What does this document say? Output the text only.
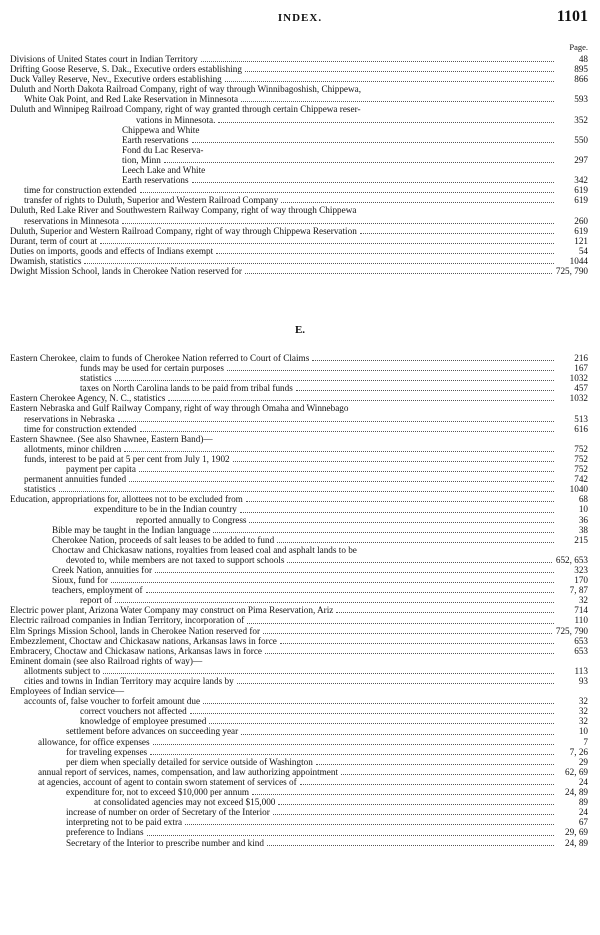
INDEX.	1101
Page.
Divisions of United States court in Indian Territory	48
Drifting Goose Reserve, S. Dak., Executive orders establishing	895
Duck Valley Reserve, Nev., Executive orders establishing	866
Duluth and North Dakota Railroad Company, right of way through Winnibagoshish, Chippewa,
White Oak Point, and Red Lake Reservation in Minnesota	593
Duluth and Winnipeg Railroad Company, right of way granted through certain Chippewa reser-
vations in Minnesota.	352
Chippewa and White
Earth reservations	550
Fond du Lac Reserva-
tion, Minn	297
Leech Lake and White
Earth reservations	342
time for construction extended	619
transfer of rights to Duluth, Superior and Western Railroad Company	619
Duluth, Red Lake River and Southwestern Railway Company, right of way through Chippewa
reservations in Minnesota	260
Duluth, Superior and Western Railroad Company, right of way through Chippewa Reservation	619
Durant, term of court at	121
Duties on imports, goods and effects of Indians exempt	54
Dwamish, statistics	1044
Dwight Mission School, lands in Cherokee Nation reserved for	725, 790
E.
Eastern Cherokee, claim to funds of Cherokee Nation referred to Court of Claims	216
funds may be used for certain purposes	167
statistics	1032
taxes on North Carolina lands to be paid from tribal funds	457
Eastern Cherokee Agency, N. C., statistics	1032
Eastern Nebraska and Gulf Railway Company, right of way through Omaha and Winnebago
reservations in Nebraska	513
time for construction extended	616
Eastern Shawnee. (See also Shawnee, Eastern Band)—
allotments, minor children	752
funds, interest to be paid at 5 per cent from July 1, 1902	752
payment per capita	752
permanent annuities funded	742
statistics	1040
Education, appropriations for, allottees not to be excluded from	68
expenditure to be in the Indian country	10
reported annually to Congress	36
Bible may be taught in the Indian language	38
Cherokee Nation, proceeds of salt leases to be added to fund	215
Choctaw and Chickasaw nations, royalties from leased coal and asphalt lands to be
devoted to, while members are not taxed to support schools	652, 653
Creek Nation, annuities for	323
Sioux, fund for	170
teachers, employment of	7, 87
report of	32
Electric power plant, Arizona Water Company may construct on Pima Reservation, Ariz	714
Electric railroad companies in Indian Territory, incorporation of	110
Elm Springs Mission School, lands in Cherokee Nation reserved for	725, 790
Embezzlement, Choctaw and Chickasaw nations, Arkansas laws in force	653
Embracery, Choctaw and Chickasaw nations, Arkansas laws in force	653
Eminent domain (see also Railroad rights of way)—
allotments subject to	113
cities and towns in Indian Territory may acquire lands by	93
Employees of Indian service—
accounts of, false voucher to forfeit amount due	32
correct vouchers not affected	32
knowledge of employee presumed	32
settlement before advances on succeeding year	10
allowance, for office expenses	7
for traveling expenses	7, 26
per diem when specially detailed for service outside of Washington	29
annual report of services, names, compensation, and law authorizing appointment	62, 69
at agencies, account of agent to contain sworn statement of services of	24
expenditure for, not to exceed $10,000 per annum	24, 89
at consolidated agencies may not exceed $15,000	89
increase of number on order of Secretary of the Interior	24
interpreting not to be paid extra	67
preference to Indians	29, 69
Secretary of the Interior to prescribe number and kind	24, 89
